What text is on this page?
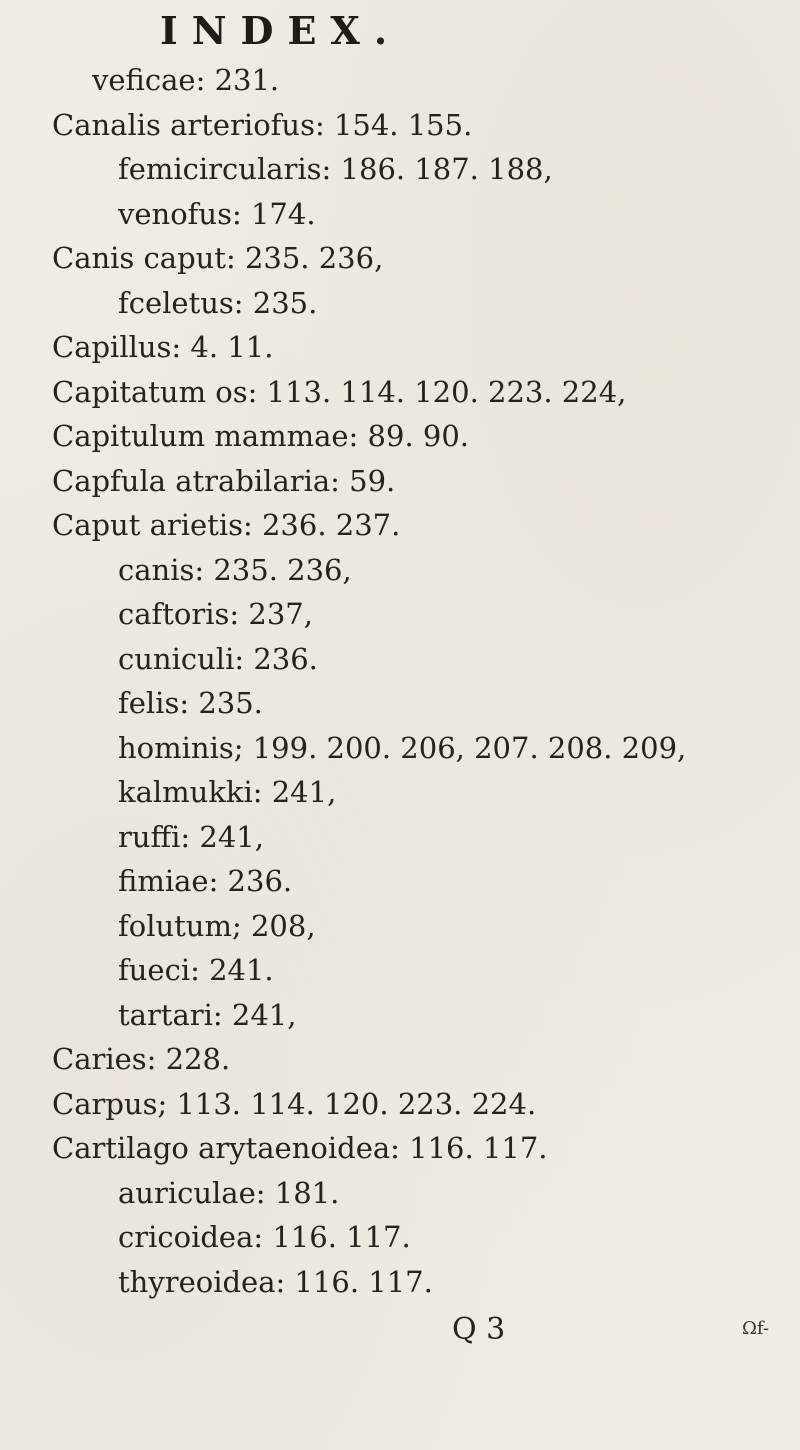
INDEX.
veficae: 231.
Canalis arteriofus: 154. 155.
femicircularis: 186. 187. 188,
venofus: 174.
Canis caput: 235. 236,
fceletus: 235.
Capillus: 4. 11.
Capitatum os: 113. 114. 120. 223. 224,
Capitulum mammae: 89. 90.
Capfula atrabilaria: 59.
Caput arietis: 236. 237.
canis: 235. 236,
caftoris: 237,
cuniculi: 236.
felis: 235.
hominis; 199. 200. 206, 207. 208. 209,
kalmukki: 241,
ruffi: 241,
fimiae: 236.
folutum; 208,
fueci: 241.
tartari: 241,
Caries: 228.
Carpus; 113. 114. 120. 223. 224.
Cartilago arytaenoidea: 116. 117.
auriculae: 181.
cricoidea: 116. 117.
thyreoidea: 116. 117.
Q 3	Ωf-
